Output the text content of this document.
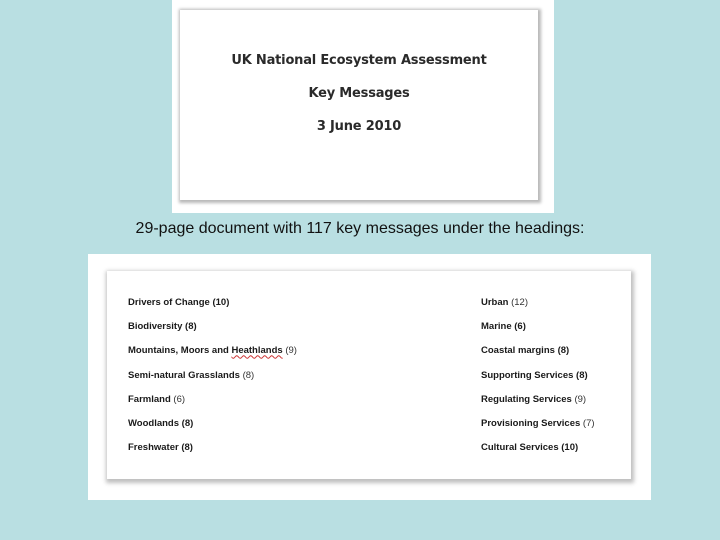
UK National Ecosystem Assessment
Key Messages
3 June 2010
29-page document with 117 key messages under the headings:
Drivers of Change (10)
Biodiversity (8)
Mountains, Moors and Heathlands (9)
Semi-natural Grasslands (8)
Farmland (6)
Woodlands (8)
Freshwater (8)
Urban (12)
Marine (6)
Coastal margins (8)
Supporting Services (8)
Regulating Services (9)
Provisioning Services (7)
Cultural Services (10)
